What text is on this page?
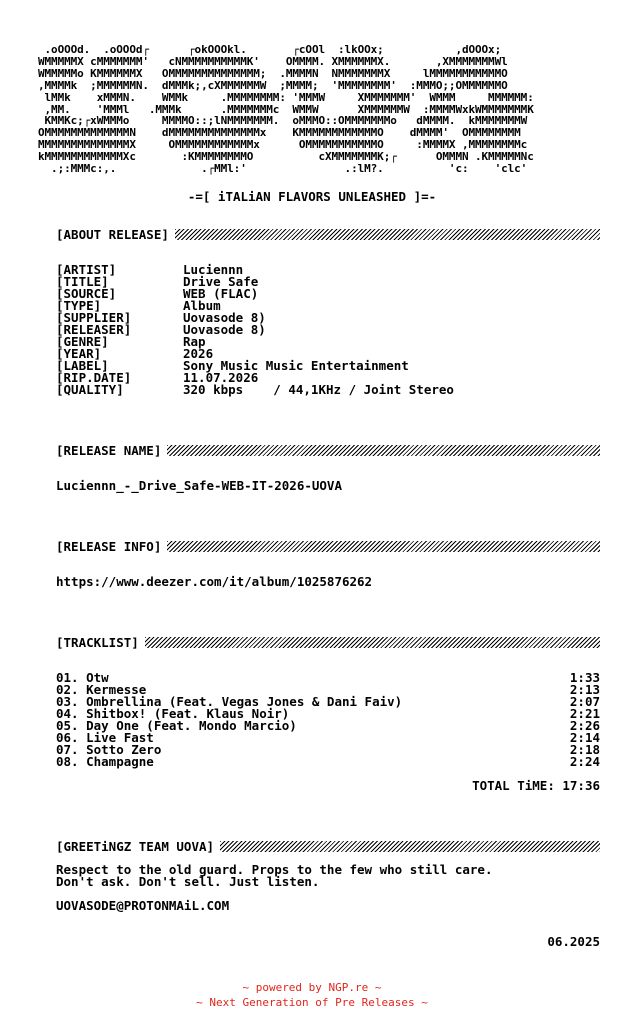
.oOOOd.  .oOOOd┌      ┌okOOOkl.       ┌cOOl  :lkOOx;           ,dOOOx;
WMMMMMX cMMMMMMM'   cNMMMMMMMMMMK'    OMMMM. XMMMMMMX.       ,XMMMMMMMWl
WMMMMMo KMMMMMMX   OMMMMMMMMMMMMMM;  .MMMMN  NMMMMMMMX     lMMMMMMMMMMMO
,MMMMk  ;MMMMMMN.  dMMMk;,cXMMMMMMW  ;MMMM;  'MMMMMMMM'  :MMMO;;OMMMMMMO
lMMk    xMMMN.    WMMk     .MMMMMMMM: 'MMMW     XMMMMMMM'  WMMM     MMMMMM:
,MM.    'MMMl   .MMMk      .MMMMMMMc  WMMW      XMMMMMMW  :MMMMWxkWMMMMMMMK
KMMKc;┌xWMMMo     MMMMO::;lNMMMMMMM.  oMMMO::OMMMMMMMo   dMMMM.  kMMMMMMMW
OMMMMMMMMMMMMMN    dMMMMMMMMMMMMMMx    KMMMMMMMMMMMMO    dMMMM'  OMMMMMMMM
MMMMMMMMMMMMMMX     OMMMMMMMMMMMMx      OMMMMMMMMMMMO     :MMMMX ,MMMMMMMMc
kMMMMMMMMMMMMXc       :KMMMMMMMMO          cXMMMMMMMK;┌      OMMMN .KMMMMMNc
.;:MMMc:,.             .┌MMl:'               .:lM?.          'c:    'clc'
-=[ iTALiAN FLAVORS UNLEASHED ]=-
[ABOUT RELEASE]
[ARTIST]	Luciennn
[TITLE]	Drive Safe
[SOURCE]	WEB (FLAC)
[TYPE]	Album
[SUPPLIER]	Uovasode 8)
[RELEASER]	Uovasode 8)
[GENRE]	Rap
[YEAR]	2026
[LABEL]	Sony Music Music Entertainment
[RIP.DATE]	11.07.2026
[QUALITY]	320 kbps    / 44,1KHz / Joint Stereo
[RELEASE NAME]
Luciennn_-_Drive_Safe-WEB-IT-2026-UOVA
[RELEASE INFO]
https://www.deezer.com/it/album/1025876262
[TRACKLIST]
01. Otw	1:33
02. Kermesse	2:13
03. Ombrellina (Feat. Vegas Jones & Dani Faiv)	2:07
04. Shitbox! (Feat. Klaus Noir)	2:21
05. Day One (Feat. Mondo Marcio)	2:26
06. Live Fast	2:14
07. Sotto Zero	2:18
08. Champagne	2:24
TOTAL TiME: 17:36
[GREETiNGZ TEAM UOVA]
Respect to the old guard. Props to the few who still care.
Don't ask. Don't sell. Just listen.
UOVASODE@PROTONMAiL.COM
06.2025
~ powered by NGP.re ~
~ Next Generation of Pre Releases ~
